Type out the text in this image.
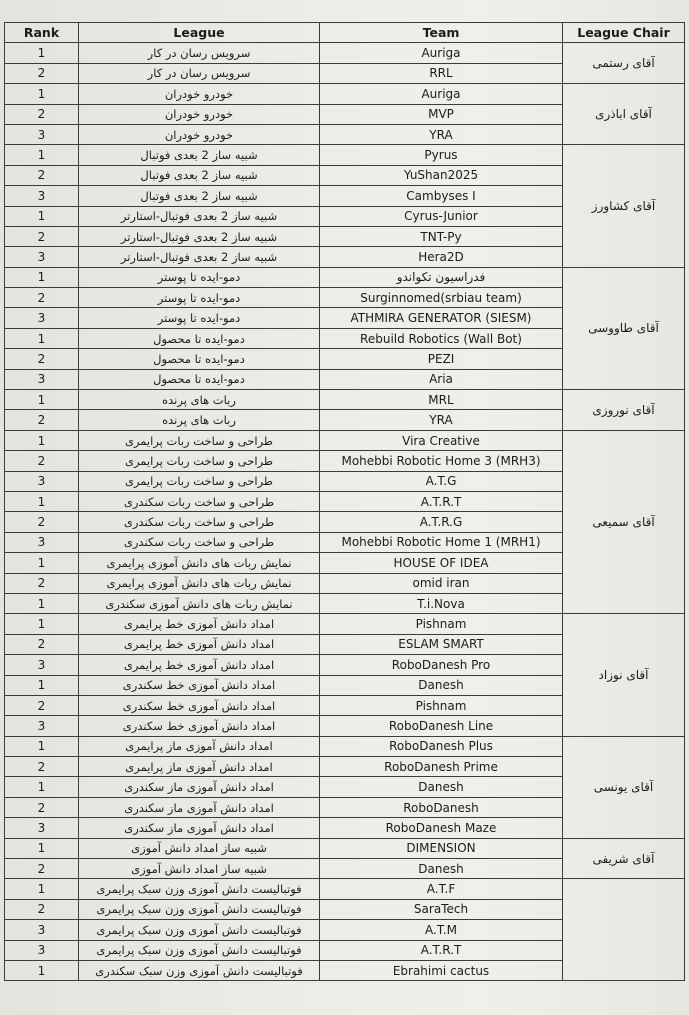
Rank	League	Team	League Chair
1	سرویس رسان در کار	Auriga	آقای رستمی
2	سرویس رسان در کار	RRL	
1	خودرو خودران	Auriga	آقای اباذری
2	خودرو خودران	MVP	
3	خودرو خودران	YRA	
1	شبیه ساز 2 بعدی فوتبال	Pyrus	آقای کشاورز
2	شبیه ساز 2 بعدی فوتبال	YuShan2025	
3	شبیه ساز 2 بعدی فوتبال	Cambyses I	
1	شبیه ساز 2 بعدی فوتبال-استارتر	Cyrus-Junior	
2	شبیه ساز 2 بعدی فوتبال-استارتر	TNT-Py	
3	شبیه ساز 2 بعدی فوتبال-استارتر	Hera2D	
1	دمو-ایده تا پوستر	فدراسیون تکواندو	آقای طاووسی
2	دمو-ایده تا پوستر	Surginnomed(srbiau team)	
3	دمو-ایده تا پوستر	ATHMIRA GENERATOR (SIESM)	
1	دمو-ایده تا محصول	Rebuild Robotics (Wall Bot)	
2	دمو-ایده تا محصول	PEZI	
3	دمو-ایده تا محصول	Aria	
1	ربات های پرنده	MRL	آقای نوروزی
2	ربات های پرنده	YRA	
1	طراحی و ساخت ربات پرایمری	Vira Creative	آقای سمیعی
2	طراحی و ساخت ربات پرایمری	Mohebbi Robotic Home 3 (MRH3)	
3	طراحی و ساخت ربات پرایمری	A.T.G	
1	طراحی و ساخت ربات سکندری	A.T.R.T	
2	طراحی و ساخت ربات سکندری	A.T.R.G	
3	طراحی و ساخت ربات سکندری	Mohebbi Robotic Home 1 (MRH1)	
1	نمایش ربات های دانش آموزی پرایمری	HOUSE OF IDEA	
2	نمایش ربات های دانش آموزی پرایمری	omid iran	
1	نمایش ربات های دانش آموزی سکندری	T.i.Nova	
1	امداد دانش آموزی خط پرایمری	Pishnam	آقای نوزاد
2	امداد دانش آموزی خط پرایمری	ESLAM SMART	
3	امداد دانش آموزی خط پرایمری	RoboDanesh Pro	
1	امداد دانش آموزی خط سکندری	Danesh	
2	امداد دانش آموزی خط سکندری	Pishnam	
3	امداد دانش آموزی خط سکندری	RoboDanesh Line	
1	امداد دانش آموزی ماز پرایمری	RoboDanesh Plus	آقای یونسی
2	امداد دانش آموزی ماز پرایمری	RoboDanesh Prime	
1	امداد دانش آموزی ماز سکندری	Danesh	
2	امداد دانش آموزی ماز سکندری	RoboDanesh	
3	امداد دانش آموزی ماز سکندری	RoboDanesh Maze	
1	شبیه ساز امداد دانش آموزی	DIMENSION	آقای شریفی
2	شبیه ساز امداد دانش آموزی	Danesh	
1	فوتبالیست دانش آموزی وزن سبک پرایمری	A.T.F	
2	فوتبالیست دانش آموزی وزن سبک پرایمری	SaraTech	
3	فوتبالیست دانش آموزی وزن سبک پرایمری	A.T.M	
3	فوتبالیست دانش آموزی وزن سبک پرایمری	A.T.R.T	
1	فوتبالیست دانش آموزی وزن سبک سکندری	Ebrahimi cactus	
